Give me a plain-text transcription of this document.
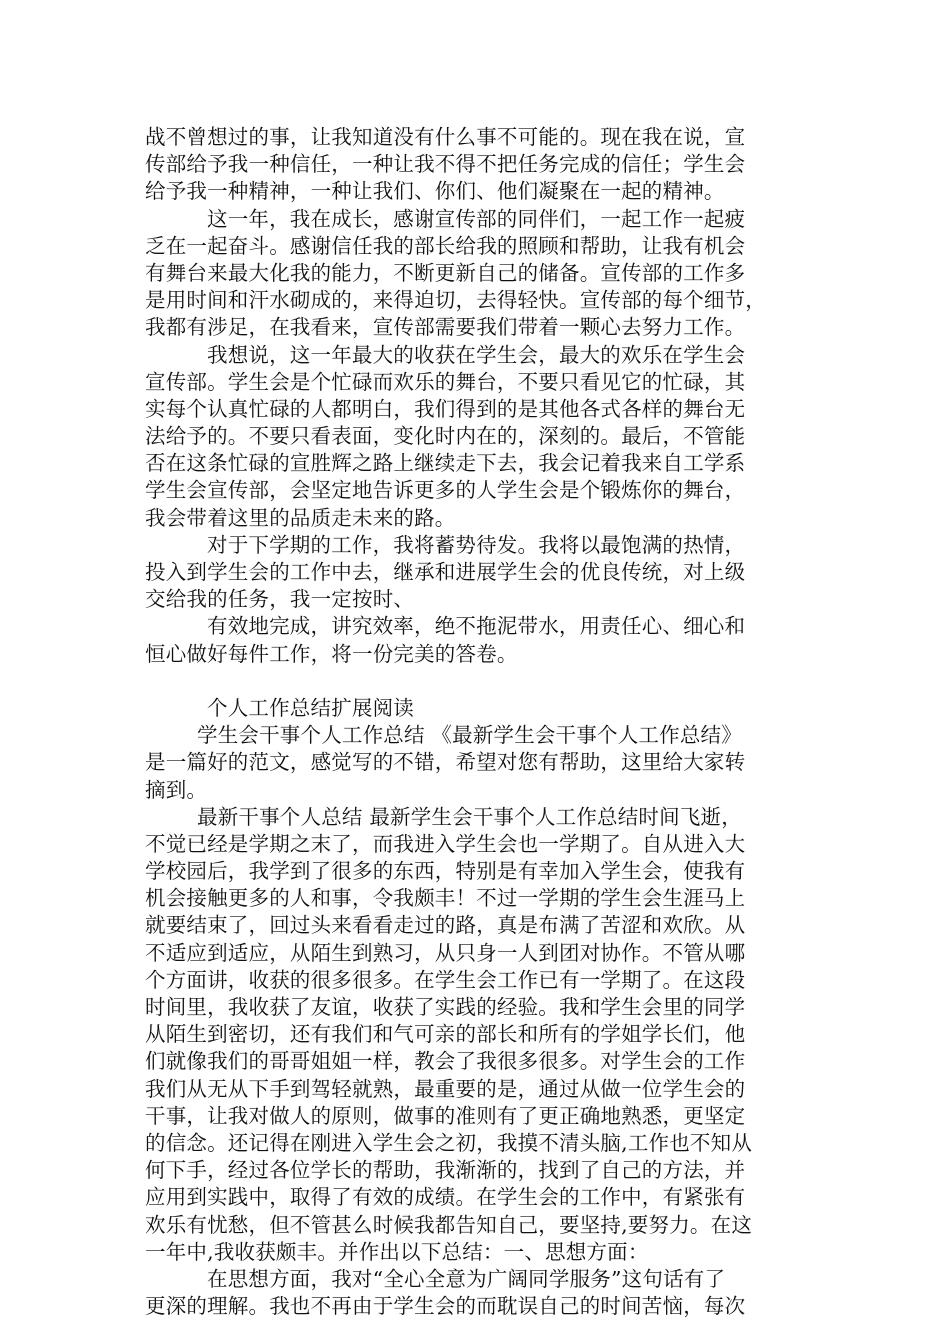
战不曾想过的事，让我知道没有什么事不可能的。现在我在说，宣
传部给予我一种信任，一种让我不得不把任务完成的信任；学生会
给予我一种精神，一种让我们、你们、他们凝聚在一起的精神。
这一年，我在成长，感谢宣传部的同伴们，一起工作一起疲
乏在一起奋斗。感谢信任我的部长给我的照顾和帮助，让我有机会
有舞台来最大化我的能力，不断更新自己的储备。宣传部的工作多
是用时间和汗水砌成的，来得迫切，去得轻快。宣传部的每个细节，
我都有涉足，在我看来，宣传部需要我们带着一颗心去努力工作。
我想说，这一年最大的收获在学生会，最大的欢乐在学生会
宣传部。学生会是个忙碌而欢乐的舞台，不要只看见它的忙碌，其
实每个认真忙碌的人都明白，我们得到的是其他各式各样的舞台无
法给予的。不要只看表面，变化时内在的，深刻的。最后，不管能
否在这条忙碌的宣胜辉之路上继续走下去，我会记着我来自工学系
学生会宣传部，会坚定地告诉更多的人学生会是个锻炼你的舞台，
我会带着这里的品质走未来的路。
对于下学期的工作，我将蓄势待发。我将以最饱满的热情，
投入到学生会的工作中去，继承和进展学生会的优良传统，对上级
交给我的任务，我一定按时、
有效地完成，讲究效率，绝不拖泥带水，用责任心、细心和
恒心做好每件工作，将一份完美的答卷。
个人工作总结扩展阅读
学生会干事个人工作总结 《最新学生会干事个人工作总结》
是一篇好的范文，感觉写的不错，希望对您有帮助，这里给大家转
摘到。
最新干事个人总结 最新学生会干事个人工作总结时间飞逝，
不觉已经是学期之末了，而我进入学生会也一学期了。自从进入大
学校园后，我学到了很多的东西，特别是有幸加入学生会，使我有
机会接触更多的人和事，令我颇丰！不过一学期的学生会生涯马上
就要结束了，回过头来看看走过的路，真是布满了苦涩和欢欣。从
不适应到适应，从陌生到熟习，从只身一人到团对协作。不管从哪
个方面讲，收获的很多很多。在学生会工作已有一学期了。在这段
时间里，我收获了友谊，收获了实践的经验。我和学生会里的同学
从陌生到密切，还有我们和气可亲的部长和所有的学姐学长们，他
们就像我们的哥哥姐姐一样，教会了我很多很多。对学生会的工作
我们从无从下手到驾轻就熟，最重要的是，通过从做一位学生会的
干事，让我对做人的原则，做事的准则有了更正确地熟悉，更坚定
的信念。还记得在刚进入学生会之初，我摸不清头脑,工作也不知从
何下手，经过各位学长的帮助，我渐渐的，找到了自己的方法，并
应用到实践中，取得了有效的成绩。在学生会的工作中，有紧张有
欢乐有忧愁，但不管甚么时候我都告知自己，要坚持,要努力。在这
一年中,我收获颇丰。并作出以下总结：一、思想方面：
在思想方面，我对“全心全意为广阔同学服务”这句话有了
更深的理解。我也不再由于学生会的而耽误自己的时间苦恼，每次
